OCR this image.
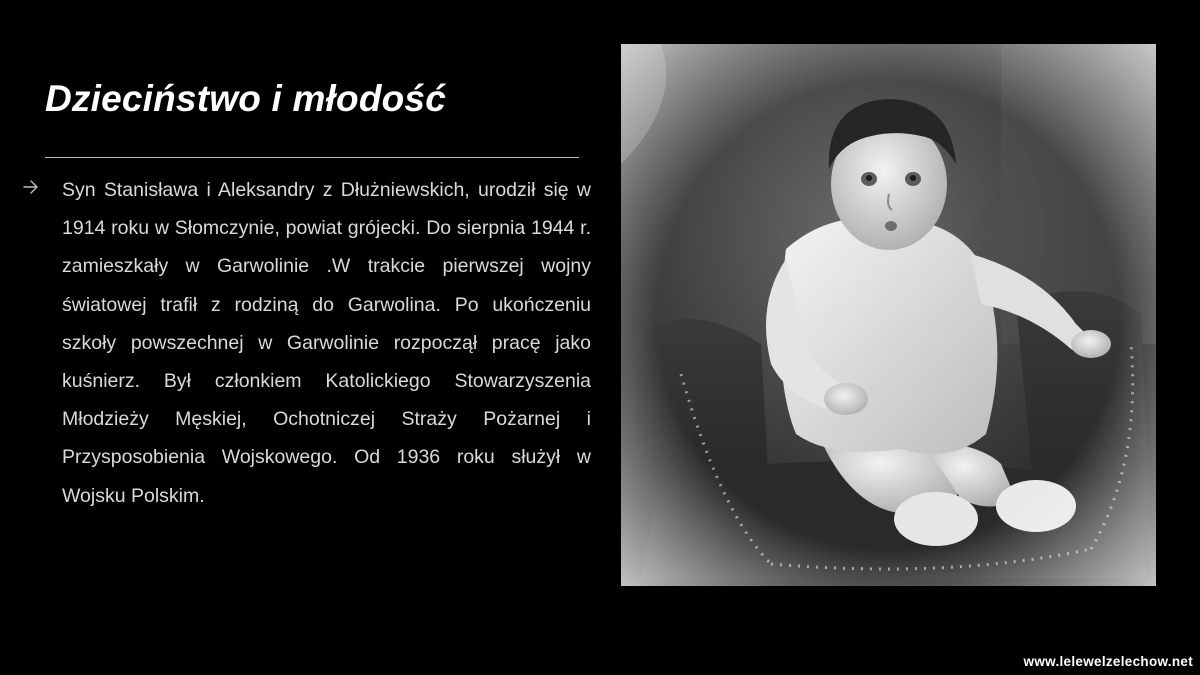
Dzieciństwo i młodość

Syn Stanisława i Aleksandry z Dłużniewskich, urodził się w 1914 roku w Słomczynie, powiat grójecki. Do sierpnia 1944 r. zamieszkały w Garwolinie .W trakcie pierwszej wojny światowej trafił z rodziną do Garwolina. Po ukończeniu szkoły powszechnej w Garwolinie rozpoczął pracę jako kuśnierz. Był członkiem Katolickiego Stowarzyszenia Młodzieży Męskiej, Ochotniczej Straży Pożarnej i Przysposobienia Wojskowego. Od 1936 roku służył w Wojsku Polskim.

www.lelewelzelechow.net
